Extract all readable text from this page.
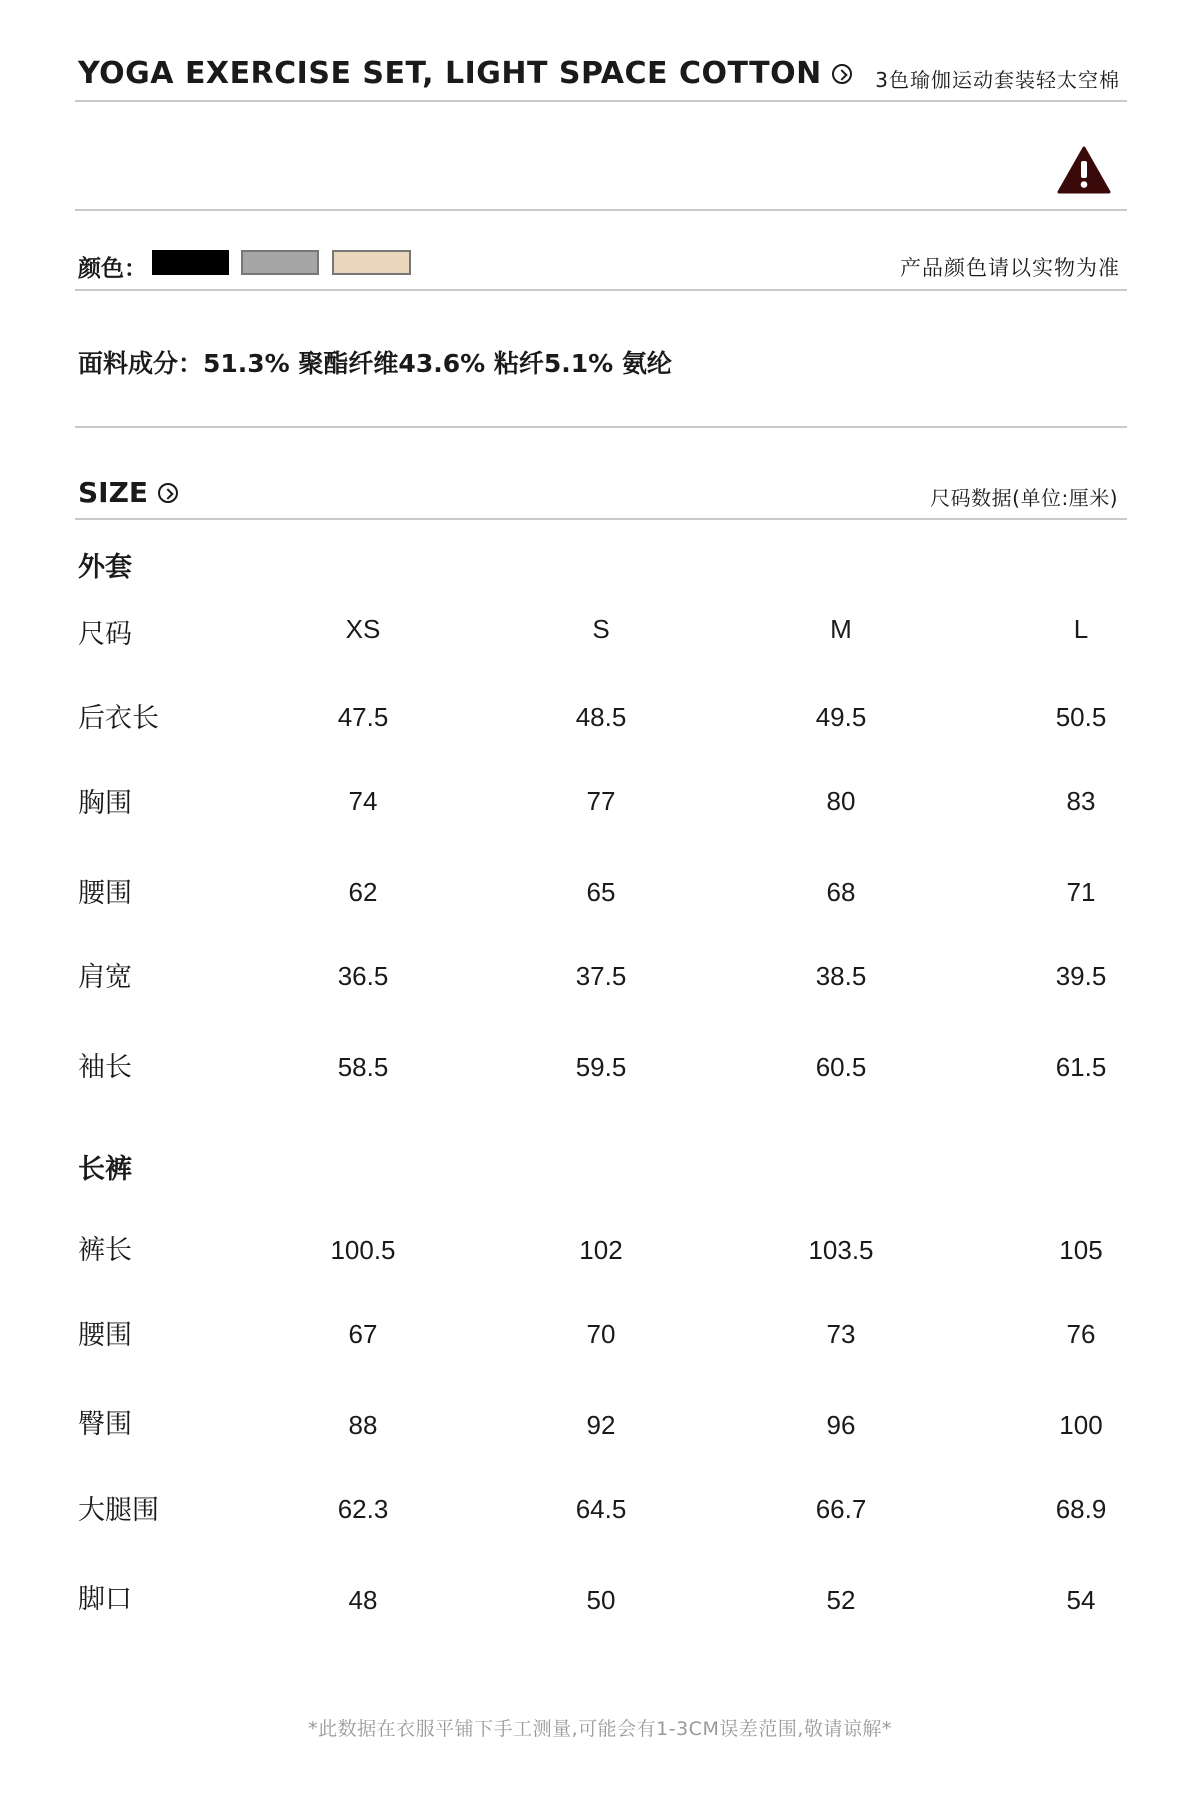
YOGA EXERCISE SET, LIGHT SPACE COTTON	3色瑜伽运动套装轻太空棉
颜色：	产品颜色请以实物为准
面料成分：51.3% 聚酯纤维43.6% 粘纤5.1% 氨纶
SIZE	尺码数据(单位:厘米)
外套
尺码	XS	S	M	L
后衣长	47.5	48.5	49.5	50.5
胸围	74	77	80	83
腰围	62	65	68	71
肩宽	36.5	37.5	38.5	39.5
袖长	58.5	59.5	60.5	61.5
长裤
裤长	100.5	102	103.5	105
腰围	67	70	73	76
臀围	88	92	96	100
大腿围	62.3	64.5	66.7	68.9
脚口	48	50	52	54
*此数据在衣服平铺下手工测量,可能会有1-3CM误差范围,敬请谅解*
